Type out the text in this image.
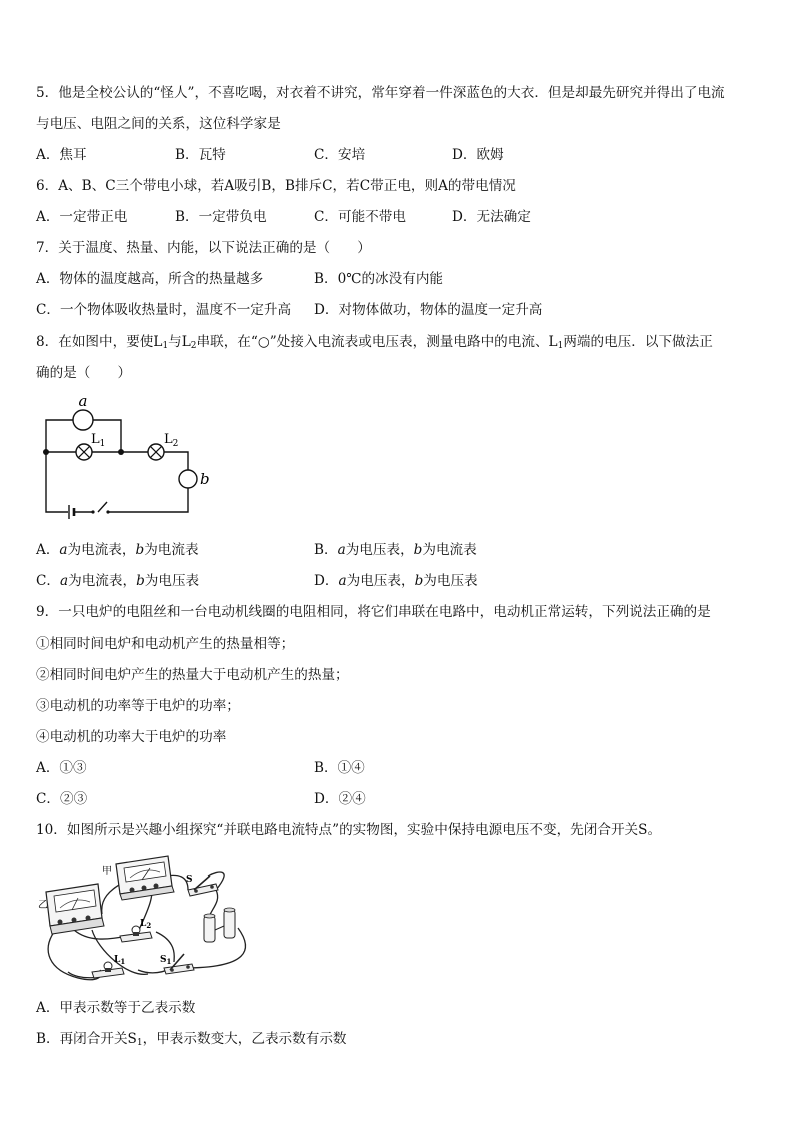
5．他是全校公认的“怪人”，不喜吃喝，对衣着不讲究，常年穿着一件深蓝色的大衣．但是却最先研究并得出了电流
与电压、电阻之间的关系，这位科学家是
A．焦耳	B．瓦特	C．安培	D．欧姆
6．A、B、C三个带电小球，若A吸引B，B排斥C，若C带正电，则A的带电情况
A．一定带正电	B．一定带负电	C．可能不带电	D．无法确定
7．关于温度、热量、内能，以下说法正确的是（　　）
A．物体的温度越高，所含的热量越多	B．0℃的冰没有内能
C．一个物体吸收热量时，温度不一定升高 D．对物体做功，物体的温度一定升高
8．在如图中，要使$L_1$与$L_2$串联，在“○”处接入电流表或电压表，测量电路中的电流、$L_1$两端的电压．以下做法正
确的是（　　）
a
$L_1$	$L_2$
b
A．a为电流表，b为电流表	B．a为电压表，b为电流表
C．a为电流表，b为电压表	D．a为电压表，b为电压表
9．一只电炉的电阻丝和一台电动机线圈的电阻相同，将它们串联在电路中，电动机正常运转，下列说法正确的是
①相同时间电炉和电动机产生的热量相等；
②相同时间电炉产生的热量大于电动机产生的热量；
③电动机的功率等于电炉的功率；
④电动机的功率大于电炉的功率
A．①③	B．①④
C．②③	D．②④
10．如图所示是兴趣小组探究“并联电路电流特点”的实物图，实验中保持电源电压不变，先闭合开关S。
甲
乙
S
$L_2$
$L_1$	$S_1$
A．甲表示数等于乙表示数
B．再闭合开关$S_1$，甲表示数变大，乙表示数有示数
